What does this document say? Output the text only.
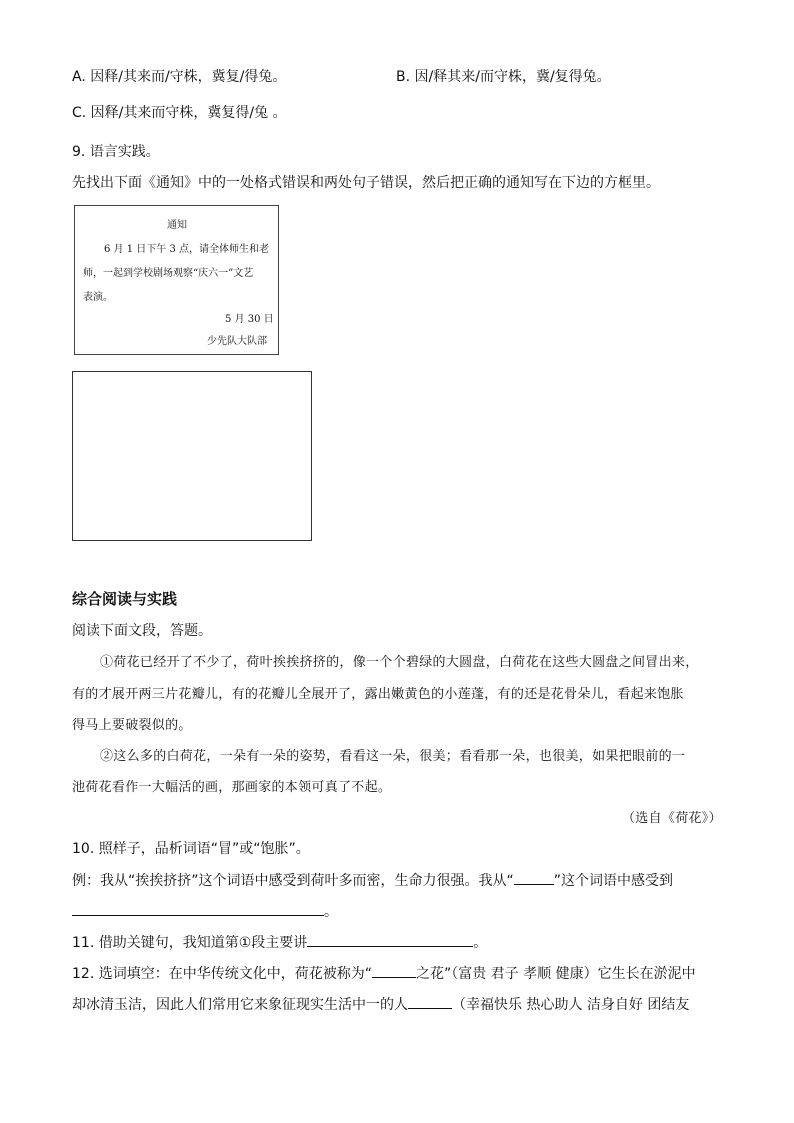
A. 因释/其来而/守株，冀复/得兔。	B. 因/释其来/而守株，冀/复得兔。
C. 因释/其来而守株，冀复得/兔 。
9. 语言实践。
先找出下面《通知》中的一处格式错误和两处句子错误，然后把正确的通知写在下边的方框里。
通知
6 月 1 日下午 3 点，请全体师生和老
师，一起到学校剧场观察“庆六一”文艺
表演。
5 月 30 日
少先队大队部
综合阅读与实践
阅读下面文段，答题。
①荷花已经开了不少了，荷叶挨挨挤挤的，像一个个碧绿的大圆盘，白荷花在这些大圆盘之间冒出来，
有的才展开两三片花瓣儿，有的花瓣儿全展开了，露出嫩黄色的小莲蓬，有的还是花骨朵儿，看起来饱胀
得马上要破裂似的。
②这么多的白荷花，一朵有一朵的姿势，看看这一朵，很美；看看那一朵，也很美，如果把眼前的一
池荷花看作一大幅活的画，那画家的本领可真了不起。
（选自《荷花》）
10. 照样子，品析词语“冒”或“饱胀”。
例：我从“挨挨挤挤”这个词语中感受到荷叶多而密，生命力很强。我从“	”这个词语中感受到
。
11. 借助关键句，我知道第①段主要讲	。
12. 选词填空：在中华传统文化中，荷花被称为“	之花”（富贵 君子 孝顺 健康）它生长在淤泥中
却冰清玉洁，因此人们常用它来象征现实生活中一的人	（幸福快乐 热心助人 洁身自好 团结友
